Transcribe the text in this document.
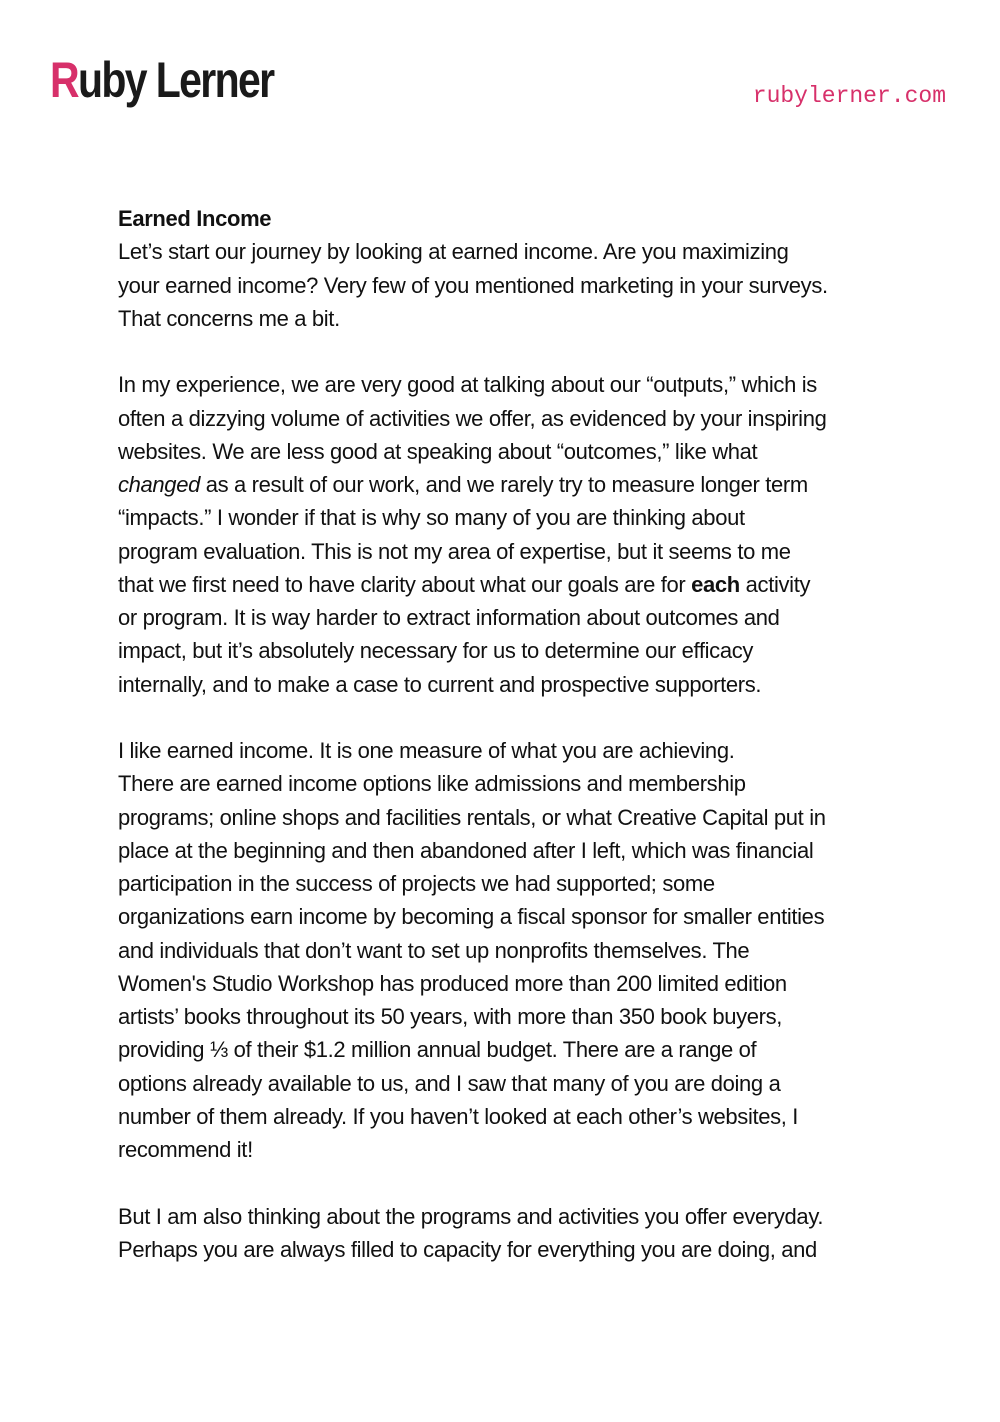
Ruby Lerner	rubylerner.com
Earned Income
Let’s start our journey by looking at earned income. Are you maximizing
your earned income? Very few of you mentioned marketing in your surveys.
That concerns me a bit.
In my experience, we are very good at talking about our “outputs,” which is
often a dizzying volume of activities we offer, as evidenced by your inspiring
websites. We are less good at speaking about “outcomes,” like what
changed as a result of our work, and we rarely try to measure longer term
“impacts.” I wonder if that is why so many of you are thinking about
program evaluation. This is not my area of expertise, but it seems to me
that we first need to have clarity about what our goals are for each activity
or program. It is way harder to extract information about outcomes and
impact, but it’s absolutely necessary for us to determine our efficacy
internally, and to make a case to current and prospective supporters.
I like earned income. It is one measure of what you are achieving.
There are earned income options like admissions and membership
programs; online shops and facilities rentals, or what Creative Capital put in
place at the beginning and then abandoned after I left, which was financial
participation in the success of projects we had supported; some
organizations earn income by becoming a fiscal sponsor for smaller entities
and individuals that don’t want to set up nonprofits themselves. The
Women's Studio Workshop has produced more than 200 limited edition
artists’ books throughout its 50 years, with more than 350 book buyers,
providing ⅓ of their $1.2 million annual budget. There are a range of
options already available to us, and I saw that many of you are doing a
number of them already. If you haven’t looked at each other’s websites, I
recommend it!
But I am also thinking about the programs and activities you offer everyday.
Perhaps you are always filled to capacity for everything you are doing, and
